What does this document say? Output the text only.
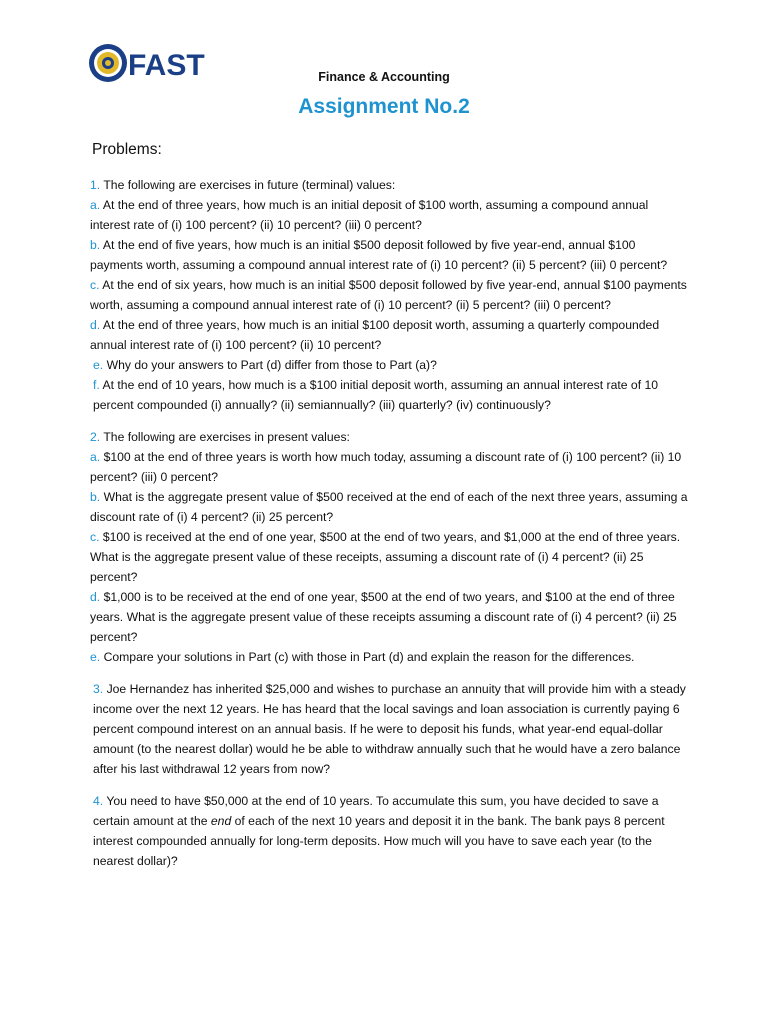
FAST	Finance & Accounting
Assignment No.2
Problems:

1. The following are exercises in future (terminal) values:

a. At the end of three years, how much is an initial deposit of $100 worth, assuming a compound annual interest rate of (i) 100 percent? (ii) 10 percent? (iii) 0 percent?

b. At the end of five years, how much is an initial $500 deposit followed by five year-end, annual $100 payments worth, assuming a compound annual interest rate of (i) 10 percent? (ii) 5 percent? (iii) 0 percent?

c. At the end of six years, how much is an initial $500 deposit followed by five year-end, annual $100 payments worth, assuming a compound annual interest rate of (i) 10 percent? (ii) 5 percent? (iii) 0 percent?

d. At the end of three years, how much is an initial $100 deposit worth, assuming a quarterly compounded annual interest rate of (i) 100 percent? (ii) 10 percent?

e. Why do your answers to Part (d) differ from those to Part (a)?

f. At the end of 10 years, how much is a $100 initial deposit worth, assuming an annual interest rate of 10 percent compounded (i) annually? (ii) semiannually? (iii) quarterly? (iv) continuously?

2. The following are exercises in present values:

a. $100 at the end of three years is worth how much today, assuming a discount rate of (i) 100 percent? (ii) 10 percent? (iii) 0 percent?

b. What is the aggregate present value of $500 received at the end of each of the next three years, assuming a discount rate of (i) 4 percent? (ii) 25 percent?

c. $100 is received at the end of one year, $500 at the end of two years, and $1,000 at the end of three years. What is the aggregate present value of these receipts, assuming a discount rate of (i) 4 percent? (ii) 25 percent?

d. $1,000 is to be received at the end of one year, $500 at the end of two years, and $100 at the end of three years. What is the aggregate present value of these receipts assuming a discount rate of (i) 4 percent? (ii) 25 percent?

e. Compare your solutions in Part (c) with those in Part (d) and explain the reason for the differences.

3. Joe Hernandez has inherited $25,000 and wishes to purchase an annuity that will provide him with a steady income over the next 12 years. He has heard that the local savings and loan association is currently paying 6 percent compound interest on an annual basis. If he were to deposit his funds, what year-end equal-dollar amount (to the nearest dollar) would he be able to withdraw annually such that he would have a zero balance after his last withdrawal 12 years from now?

4. You need to have $50,000 at the end of 10 years. To accumulate this sum, you have decided to save a certain amount at the end of each of the next 10 years and deposit it in the bank. The bank pays 8 percent interest compounded annually for long-term deposits. How much will you have to save each year (to the nearest dollar)?
